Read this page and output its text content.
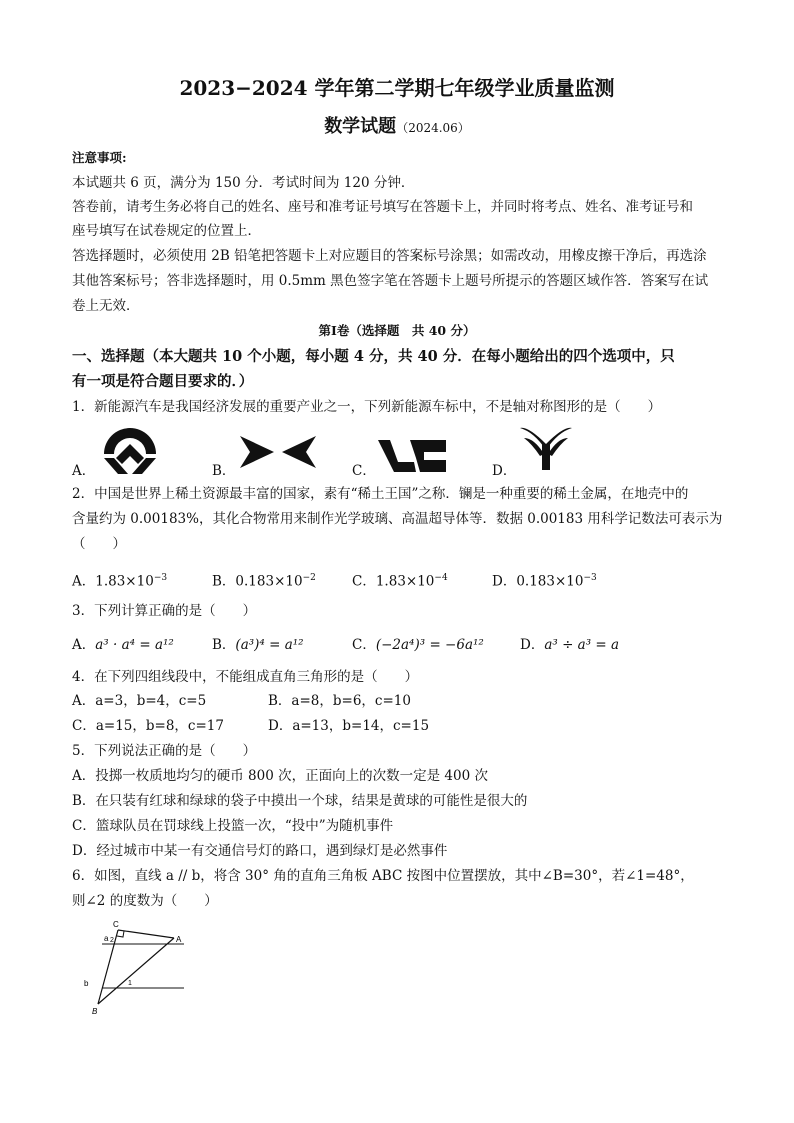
2023−2024 学年第二学期七年级学业质量监测
数学试题（2024.06）
注意事项:
本试题共 6 页，满分为 150 分．考试时间为 120 分钟．
答卷前，请考生务必将自己的姓名、座号和准考证号填写在答题卡上，并同时将考点、姓名、准考证号和
座号填写在试卷规定的位置上．
答选择题时，必须使用 2B 铅笔把答题卡上对应题目的答案标号涂黑；如需改动，用橡皮擦干净后，再选涂
其他答案标号；答非选择题时，用 0.5mm 黑色签字笔在答题卡上题号所提示的答题区域作答．答案写在试
卷上无效．
第Ⅰ卷（选择题　共 40 分）
一、选择题（本大题共 10 个小题，每小题 4 分，共 40 分．在每小题给出的四个选项中，只
有一项是符合题目要求的．）
1．新能源汽车是我国经济发展的重要产业之一，下列新能源车标中，不是轴对称图形的是（　　）
A．	B．	C．	D．
2．中国是世界上稀土资源最丰富的国家，素有“稀土王国”之称．镧是一种重要的稀土金属，在地壳中的
含量约为 0.00183%，其化合物常用来制作光学玻璃、高温超导体等．数据 0.00183 用科学记数法可表示为
（　　）
A．$1.83\times 10^{-3}$	B．$0.183\times 10^{-2}$	C．$1.83\times 10^{-4}$	D．$0.183\times 10^{-3}$
3．下列计算正确的是（　　）
A．a³ · a⁴ = a¹²	B．(a³)⁴ = a¹²	C．(−2a⁴)³ = −6a¹²	D．a³ ÷ a³ = a
4．在下列四组线段中，不能组成直角三角形的是（　　）
A．a=3，b=4，c=5	B．a=8，b=6，c=10
C．a=15，b=8，c=17	D．a=13，b=14，c=15
5．下列说法正确的是（　　）
A．投掷一枚质地均匀的硬币 800 次，正面向上的次数一定是 400 次
B．在只装有红球和绿球的袋子中摸出一个球，结果是黄球的可能性是很大的
C．篮球队员在罚球线上投篮一次，“投中”为随机事件
D．经过城市中某一有交通信号灯的路口，遇到绿灯是必然事件
6．如图，直线 a // b，将含 30° 角的直角三角板 ABC 按图中位置摆放，其中∠B=30°，若∠1=48°，
则∠2 的度数为（　　）
C
A
B
a
b
2
1
